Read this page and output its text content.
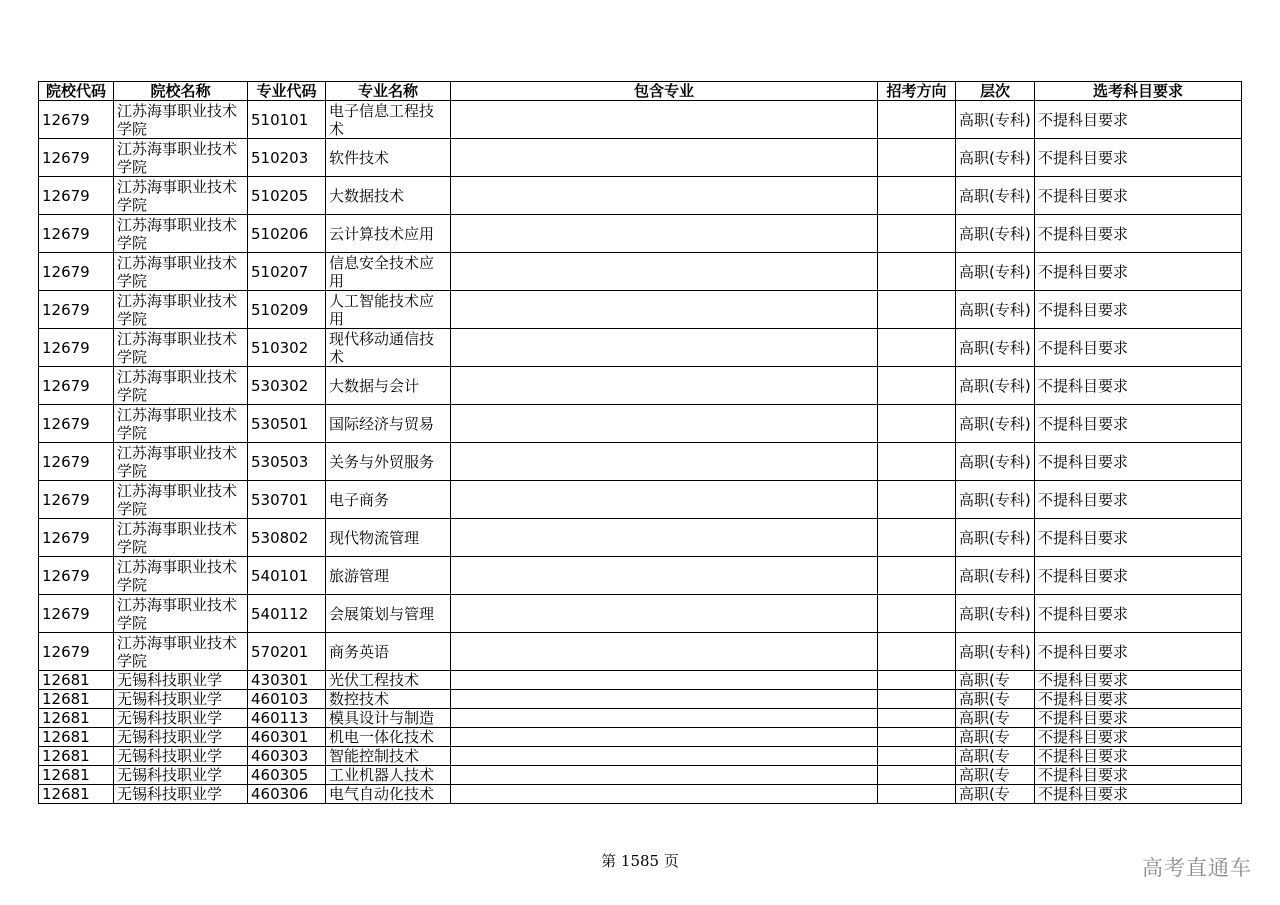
院校代码	院校名称	专业代码	专业名称	包含专业	招考方向	层次	选考科目要求
12679	江苏海事职业技术学院	510101	电子信息工程技术			高职(专科)	不提科目要求
12679	江苏海事职业技术学院	510203	软件技术			高职(专科)	不提科目要求
12679	江苏海事职业技术学院	510205	大数据技术			高职(专科)	不提科目要求
12679	江苏海事职业技术学院	510206	云计算技术应用			高职(专科)	不提科目要求
12679	江苏海事职业技术学院	510207	信息安全技术应用			高职(专科)	不提科目要求
12679	江苏海事职业技术学院	510209	人工智能技术应用			高职(专科)	不提科目要求
12679	江苏海事职业技术学院	510302	现代移动通信技术			高职(专科)	不提科目要求
12679	江苏海事职业技术学院	530302	大数据与会计			高职(专科)	不提科目要求
12679	江苏海事职业技术学院	530501	国际经济与贸易			高职(专科)	不提科目要求
12679	江苏海事职业技术学院	530503	关务与外贸服务			高职(专科)	不提科目要求
12679	江苏海事职业技术学院	530701	电子商务			高职(专科)	不提科目要求
12679	江苏海事职业技术学院	530802	现代物流管理			高职(专科)	不提科目要求
12679	江苏海事职业技术学院	540101	旅游管理			高职(专科)	不提科目要求
12679	江苏海事职业技术学院	540112	会展策划与管理			高职(专科)	不提科目要求
12679	江苏海事职业技术学院	570201	商务英语			高职(专科)	不提科目要求
12681	无锡科技职业学	430301	光伏工程技术			高职(专	不提科目要求
12681	无锡科技职业学	460103	数控技术			高职(专	不提科目要求
12681	无锡科技职业学	460113	模具设计与制造			高职(专	不提科目要求
12681	无锡科技职业学	460301	机电一体化技术			高职(专	不提科目要求
12681	无锡科技职业学	460303	智能控制技术			高职(专	不提科目要求
12681	无锡科技职业学	460305	工业机器人技术			高职(专	不提科目要求
12681	无锡科技职业学	460306	电气自动化技术			高职(专	不提科目要求
第 1585 页	高考直通车
